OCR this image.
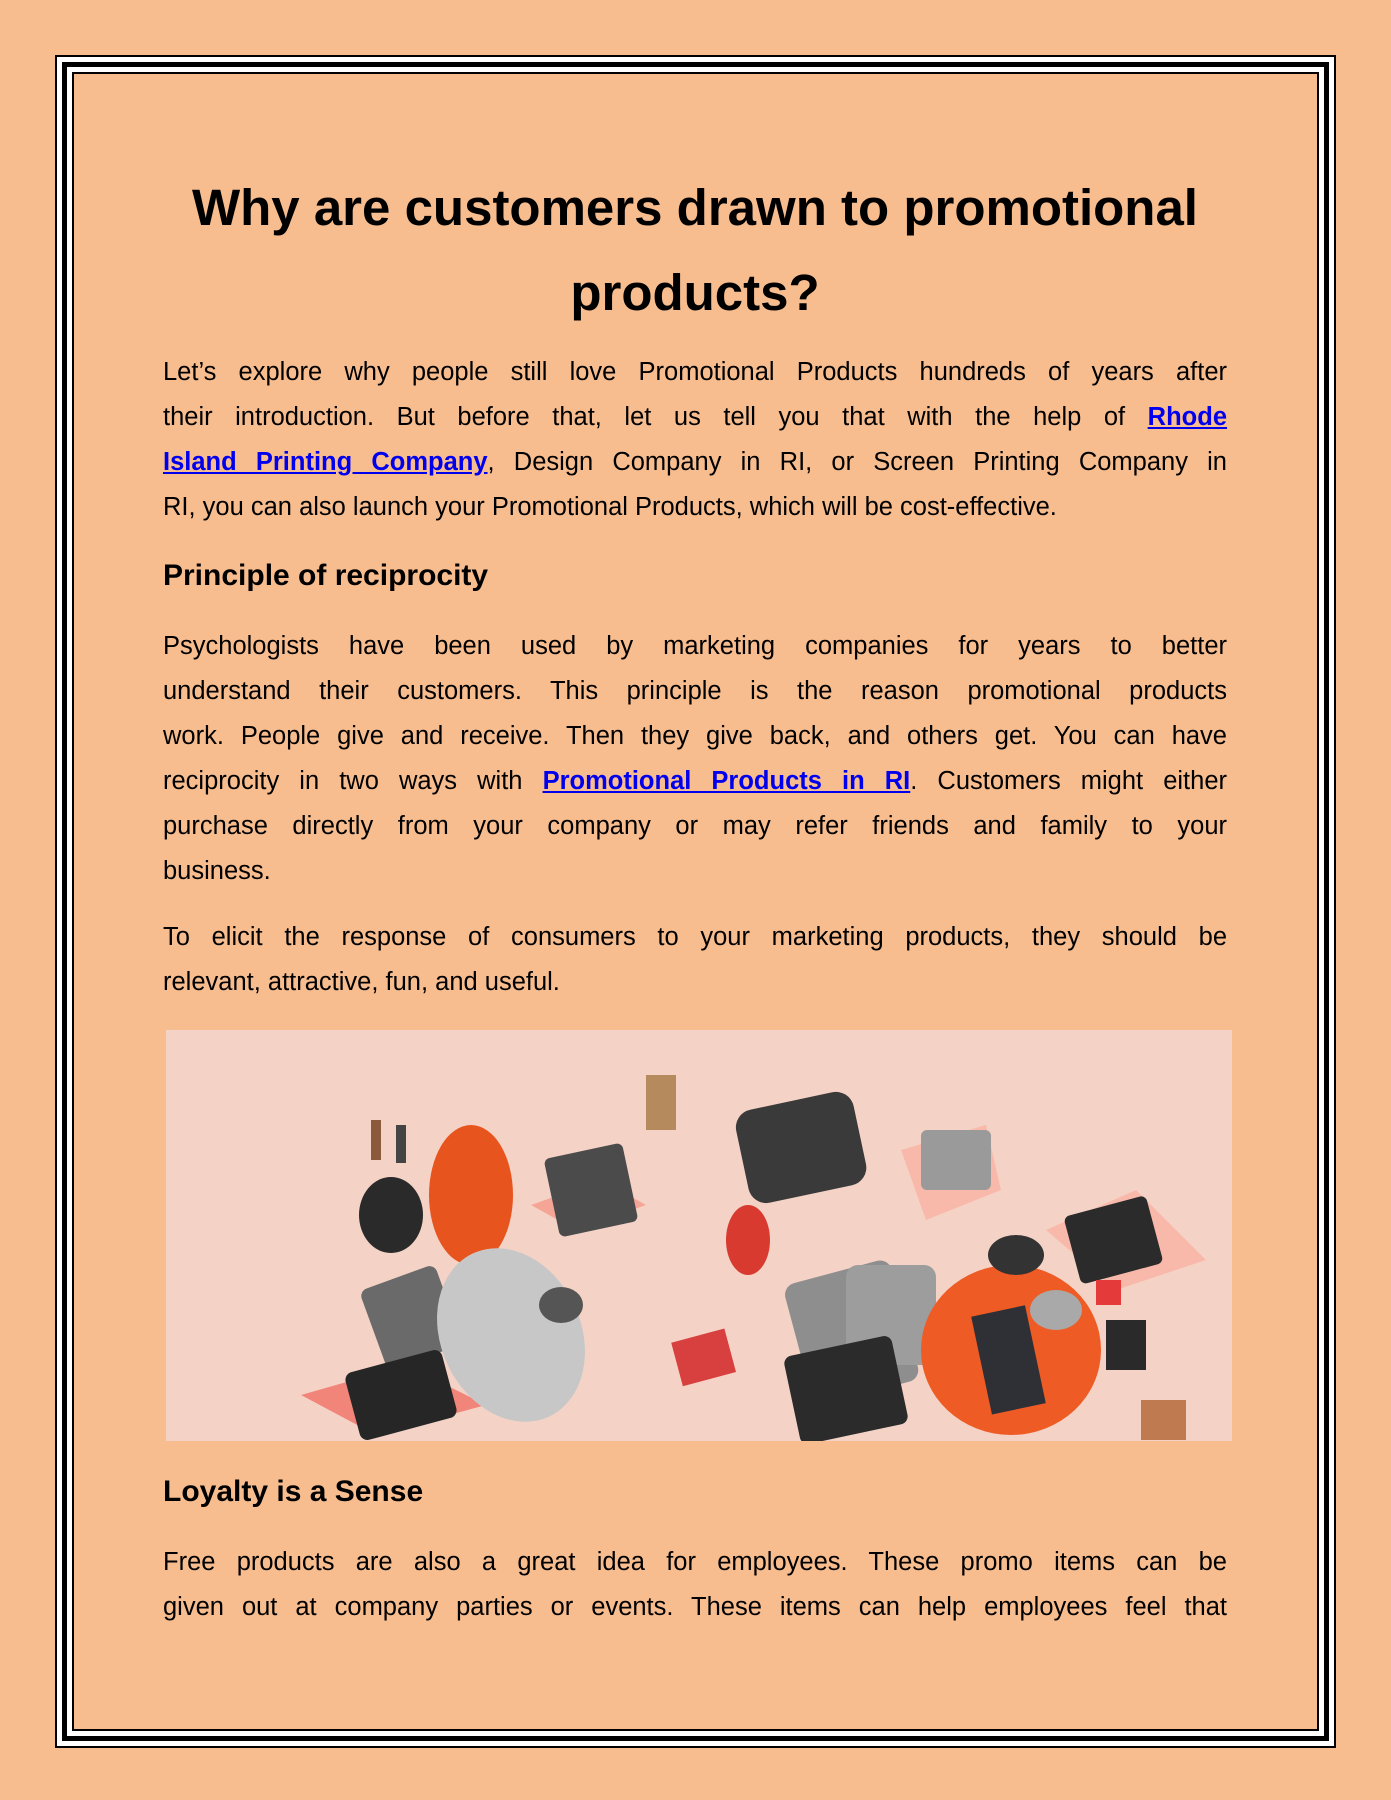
Why are customers drawn to promotional products?
Let’s explore why people still love Promotional Products hundreds of years after
their introduction. But before that, let us tell you that with the help of Rhode
Island Printing Company, Design Company in RI, or Screen Printing Company in
RI, you can also launch your Promotional Products, which will be cost-effective.
Principle of reciprocity
Psychologists have been used by marketing companies for years to better
understand their customers. This principle is the reason promotional products
work. People give and receive. Then they give back, and others get. You can have
reciprocity in two ways with Promotional Products in RI. Customers might either
purchase directly from your company or may refer friends and family to your
business.
To elicit the response of consumers to your marketing products, they should be
relevant, attractive, fun, and useful.
Loyalty is a Sense
Free products are also a great idea for employees. These promo items can be
given out at company parties or events. These items can help employees feel that
